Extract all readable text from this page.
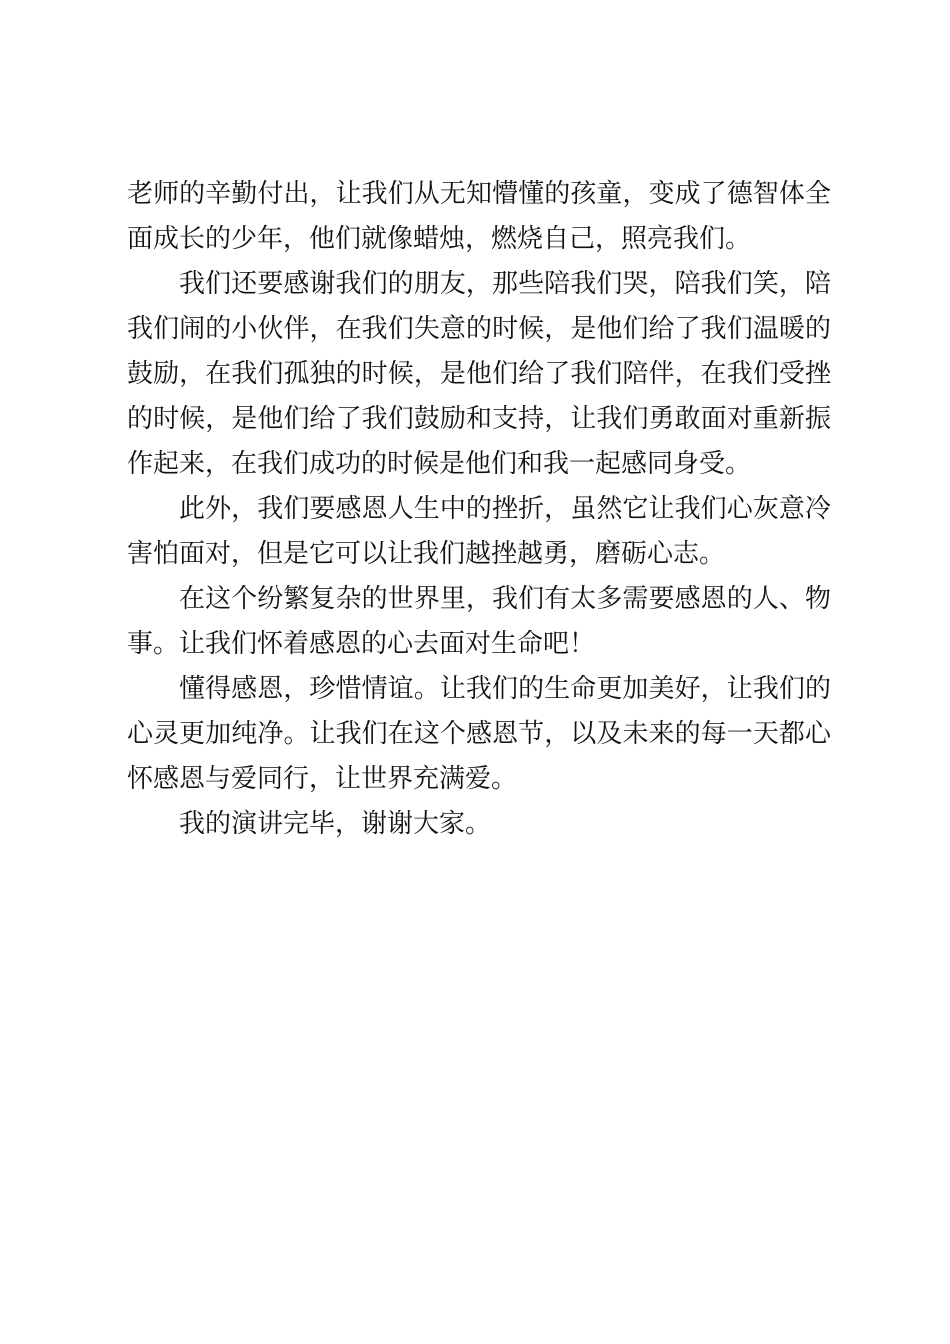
老师的辛勤付出，让我们从无知懵懂的孩童，变成了德智体全面成长的少年，他们就像蜡烛，燃烧自己，照亮我们。

我们还要感谢我们的朋友，那些陪我们哭，陪我们笑，陪我们闹的小伙伴，在我们失意的时候，是他们给了我们温暖的鼓励，在我们孤独的时候，是他们给了我们陪伴，在我们受挫的时候，是他们给了我们鼓励和支持，让我们勇敢面对重新振作起来，在我们成功的时候是他们和我一起感同身受。

此外，我们要感恩人生中的挫折，虽然它让我们心灰意冷害怕面对，但是它可以让我们越挫越勇，磨砺心志。

在这个纷繁复杂的世界里，我们有太多需要感恩的人、物事。让我们怀着感恩的心去面对生命吧！

懂得感恩，珍惜情谊。让我们的生命更加美好，让我们的心灵更加纯净。让我们在这个感恩节，以及未来的每一天都心怀感恩与爱同行，让世界充满爱。

我的演讲完毕，谢谢大家。
